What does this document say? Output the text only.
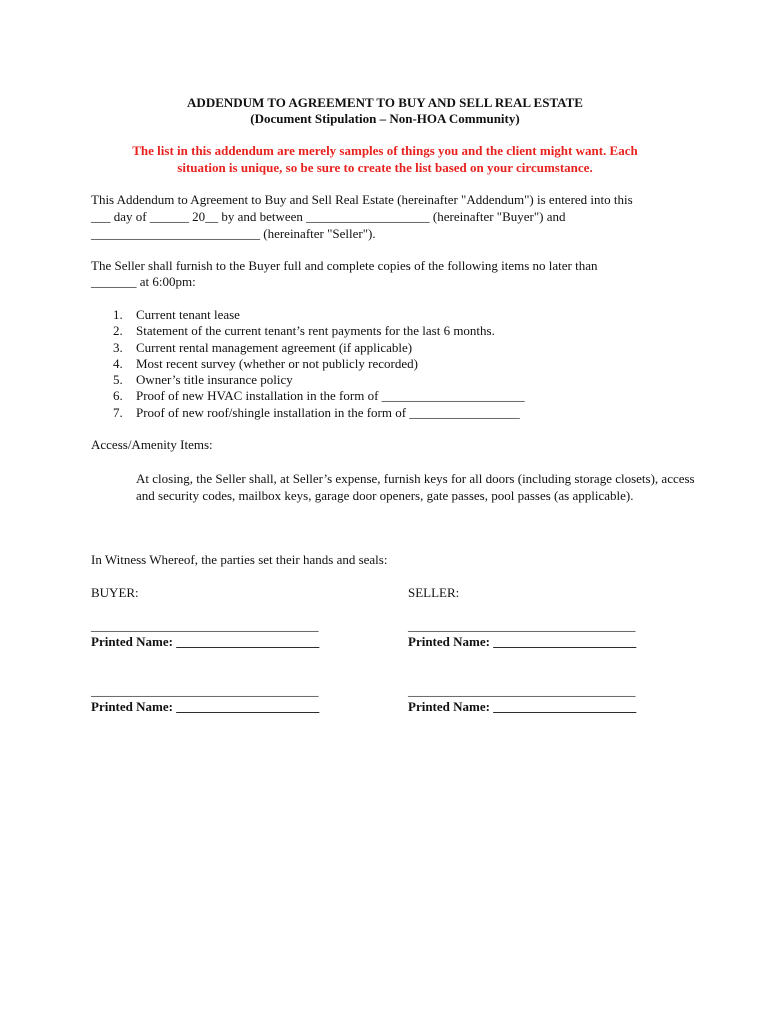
ADDENDUM TO AGREEMENT TO BUY AND SELL REAL ESTATE
(Document Stipulation – Non-HOA Community)
The list in this addendum are merely samples of things you and the client might want. Each
situation is unique, so be sure to create the list based on your circumstance.
This Addendum to Agreement to Buy and Sell Real Estate (hereinafter "Addendum") is entered into this
___ day of ______ 20__ by and between ___________________ (hereinafter "Buyer") and
__________________________ (hereinafter "Seller").
The Seller shall furnish to the Buyer full and complete copies of the following items no later than
_______ at 6:00pm:
1. Current tenant lease
2. Statement of the current tenant’s rent payments for the last 6 months.
3. Current rental management agreement (if applicable)
4. Most recent survey (whether or not publicly recorded)
5. Owner’s title insurance policy
6. Proof of new HVAC installation in the form of ______________________
7. Proof of new roof/shingle installation in the form of _________________
Access/Amenity Items:
At closing, the Seller shall, at Seller’s expense, furnish keys for all doors (including storage closets), access and security codes, mailbox keys, garage door openers, gate passes, pool passes (as applicable).
In Witness Whereof, the parties set their hands and seals:
BUYER:	SELLER:
___________________________________	___________________________________
Printed Name: ______________________	Printed Name: ______________________
___________________________________	___________________________________
Printed Name: ______________________	Printed Name: ______________________
